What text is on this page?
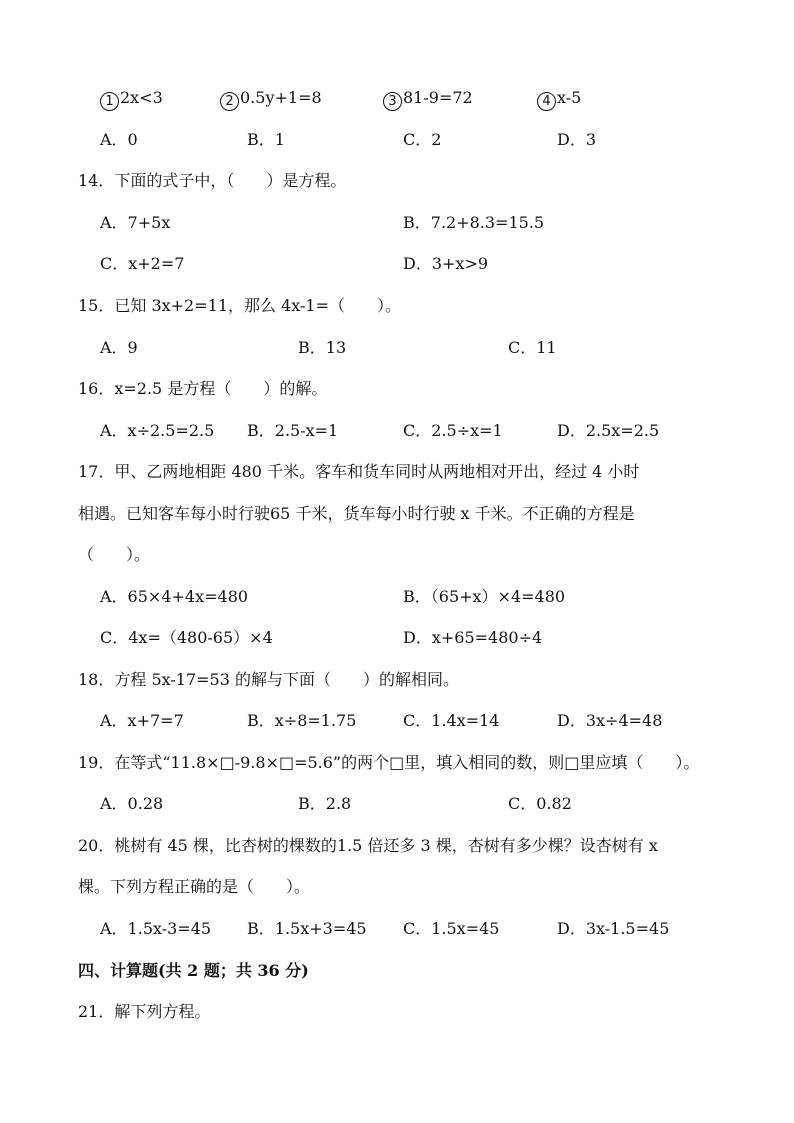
1 2x<3	2 0.5y+1=8	3 81-9=72	4 x-5
A．0	B．1	C．2	D．3
14．下面的式子中，（　　）是方程。
A．7+5x	B．7.2+8.3=15.5
C．x+2=7	D．3+x>9
15．已知 3x+2=11，那么 4x-1=（　　）。
A．9	B．13	C．11
16．x=2.5 是方程（　　）的解。
A．x÷2.5=2.5 B．2.5-x=1	C．2.5÷x=1	D．2.5x=2.5
17．甲、乙两地相距 480 千米。客车和货车同时从两地相对开出，经过 4 小时
相遇。已知客车每小时行驶65 千米，货车每小时行驶 x 千米。不正确的方程是
（　　）。
A．65×4+4x=480	B．（65+x）×4=480
C．4x=（480-65）×4	D．x+65=480÷4
18．方程 5x-17=53 的解与下面（　　）的解相同。
A．x+7=7	B．x÷8=1.75	C．1.4x=14	D．3x÷4=48
19．在等式“11.8×□-9.8×□=5.6”的两个□里，填入相同的数，则□里应填（　　）。
A．0.28	B．2.8	C．0.82
20．桃树有 45 棵，比杏树的棵数的1.5 倍还多 3 棵，杏树有多少棵？设杏树有 x
棵。下列方程正确的是（　　）。
A．1.5x-3=45 B．1.5x+3=45 C．1.5x=45	D．3x-1.5=45
四、计算题(共 2 题；共 36 分)
21．解下列方程。
